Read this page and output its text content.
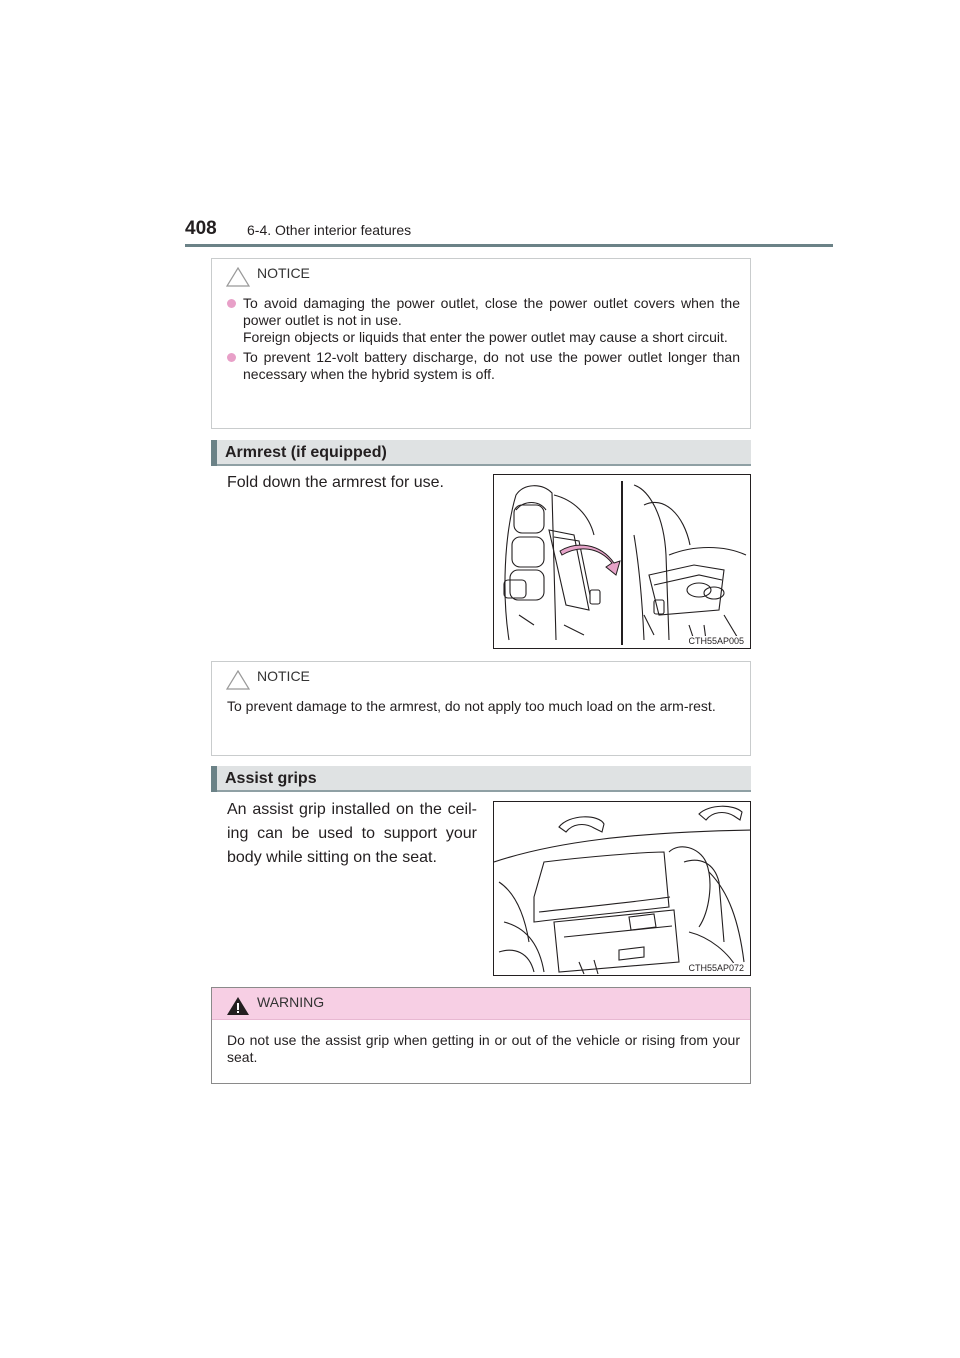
408 6-4. Other interior features
NOTICE
To avoid damaging the power outlet, close the power outlet covers when the power outlet is not in use.
Foreign objects or liquids that enter the power outlet may cause a short circuit.
To prevent 12-volt battery discharge, do not use the power outlet longer than necessary when the hybrid system is off.
Armrest (if equipped)
Fold down the armrest for use.
CTH55AP005
NOTICE
To prevent damage to the armrest, do not apply too much load on the arm-rest.
Assist grips
An assist grip installed on the ceil-ing can be used to support your body while sitting on the seat.
CTH55AP072
WARNING
Do not use the assist grip when getting in or out of the vehicle or rising from your seat.
